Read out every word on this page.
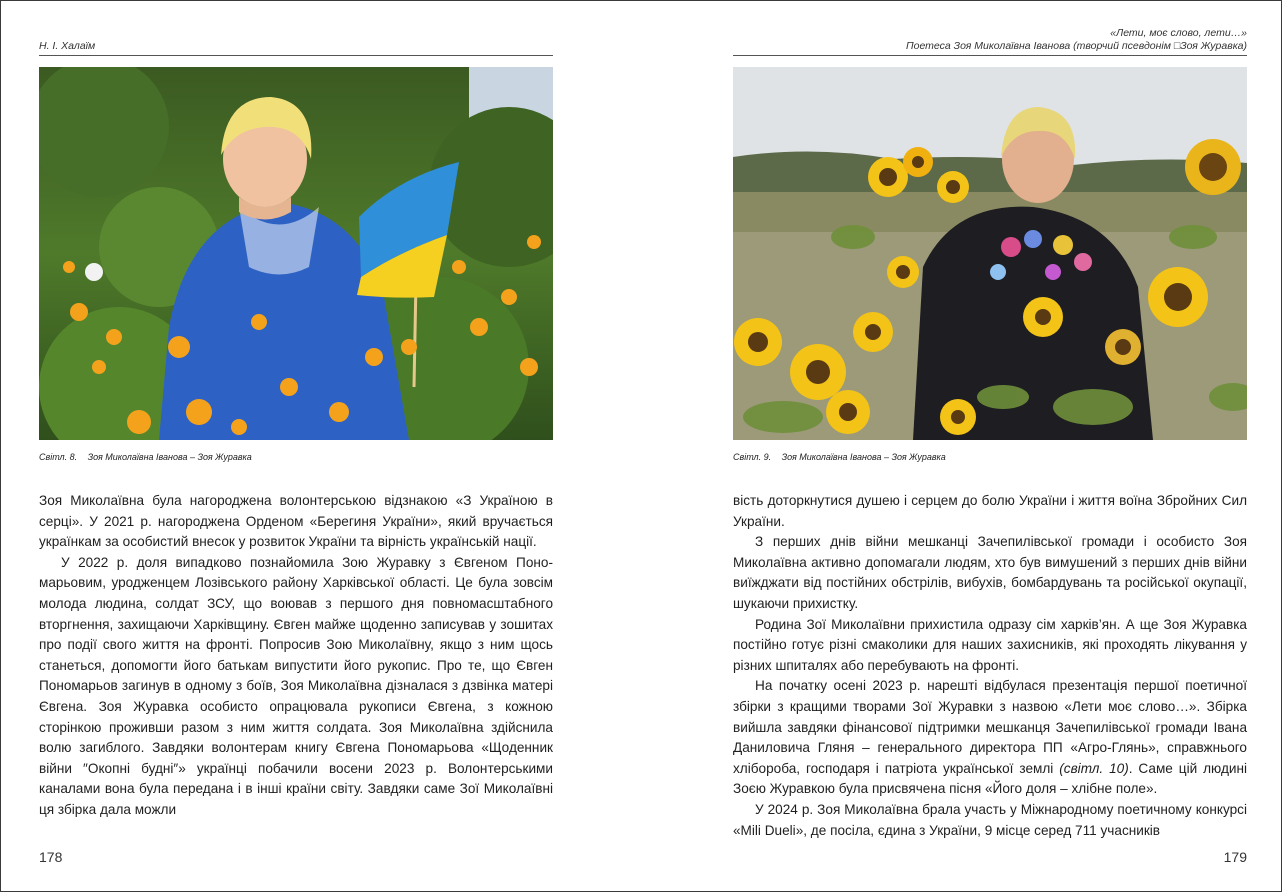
Н. І. Халаїм
Світл. 8. Зоя Миколаївна Іванова – Зоя Журавка

Зоя Миколаївна була нагороджена волонтерською відзнакою «З Україною в серці». У 2021 р. нагороджена Орденом «Берегиня України», який вручається українкам за особистий внесок у розвиток України та вірність українській нації.

У 2022 р. доля випадково познайомила Зою Журавку з Євгеном Пономарьовим, уродженцем Лозівського району Харківської області. Це була зовсім молода людина, солдат ЗСУ, що воював з першого дня повномасштабного вторгнення, захищаючи Харківщину. Євген майже щоденно записував у зошитах про події свого життя на фронті. Попросив Зою Миколаївну, якщо з ним щось станеться, допомогти його батькам випустити його рукопис. Про те, що Євген Пономарьов загинув в одному з боїв, Зоя Миколаївна дізналася з дзвінка матері Євгена. Зоя Журавка особисто опрацювала рукописи Євгена, з кожною сторінкою проживши разом з ним життя солдата. Зоя Миколаївна здійснила волю загиблого. Завдяки волонтерам книгу Євгена Пономарьова «Щоденник війни ″Окопні будні″» українці побачили восени 2023 р. Волонтерськими каналами вона була передана і в інші країни світу. Завдяки саме Зої Миколаївні ця збірка дала можли

178
«Лети, моє слово, лети…»
Поетеса Зоя Миколаївна Іванова (творчий псевдонім □Зоя Журавка)
Світл. 9. Зоя Миколаївна Іванова – Зоя Журавка

вість доторкнутися душею і серцем до болю України і життя воїна Збройних Сил України.

З перших днів війни мешканці Зачепилівської громади і особисто Зоя Миколаївна активно допомагали людям, хто був вимушений з перших днів війни виїжджати від постійних обстрілів, вибухів, бомбардувань та російської окупації, шукаючи прихистку.

Родина Зої Миколаївни прихистила одразу сім харків’ян. А ще Зоя Журавка постійно готує різні смаколики для наших захисників, які проходять лікування у різних шпиталях або перебувають на фронті.

На початку осені 2023 р. нарешті відбулася презентація першої поетичної збірки з кращими творами Зої Журавки з назвою «Лети моє слово…». Збірка вийшла завдяки фінансової підтримки мешканця Зачепилівської громади Івана Даниловича Гляня – генерального директора ПП «Агро-Глянь», справжнього хлібороба, господаря і патріота української землі (світл. 10). Саме цій людині Зоєю Журавкою була присвячена пісня «Його доля – хлібне поле».

У 2024 р. Зоя Миколаївна брала участь у Міжнародному поетичному конкурсі «Mili Dueli», де посіла, єдина з України, 9 місце серед 711 учасників

179
